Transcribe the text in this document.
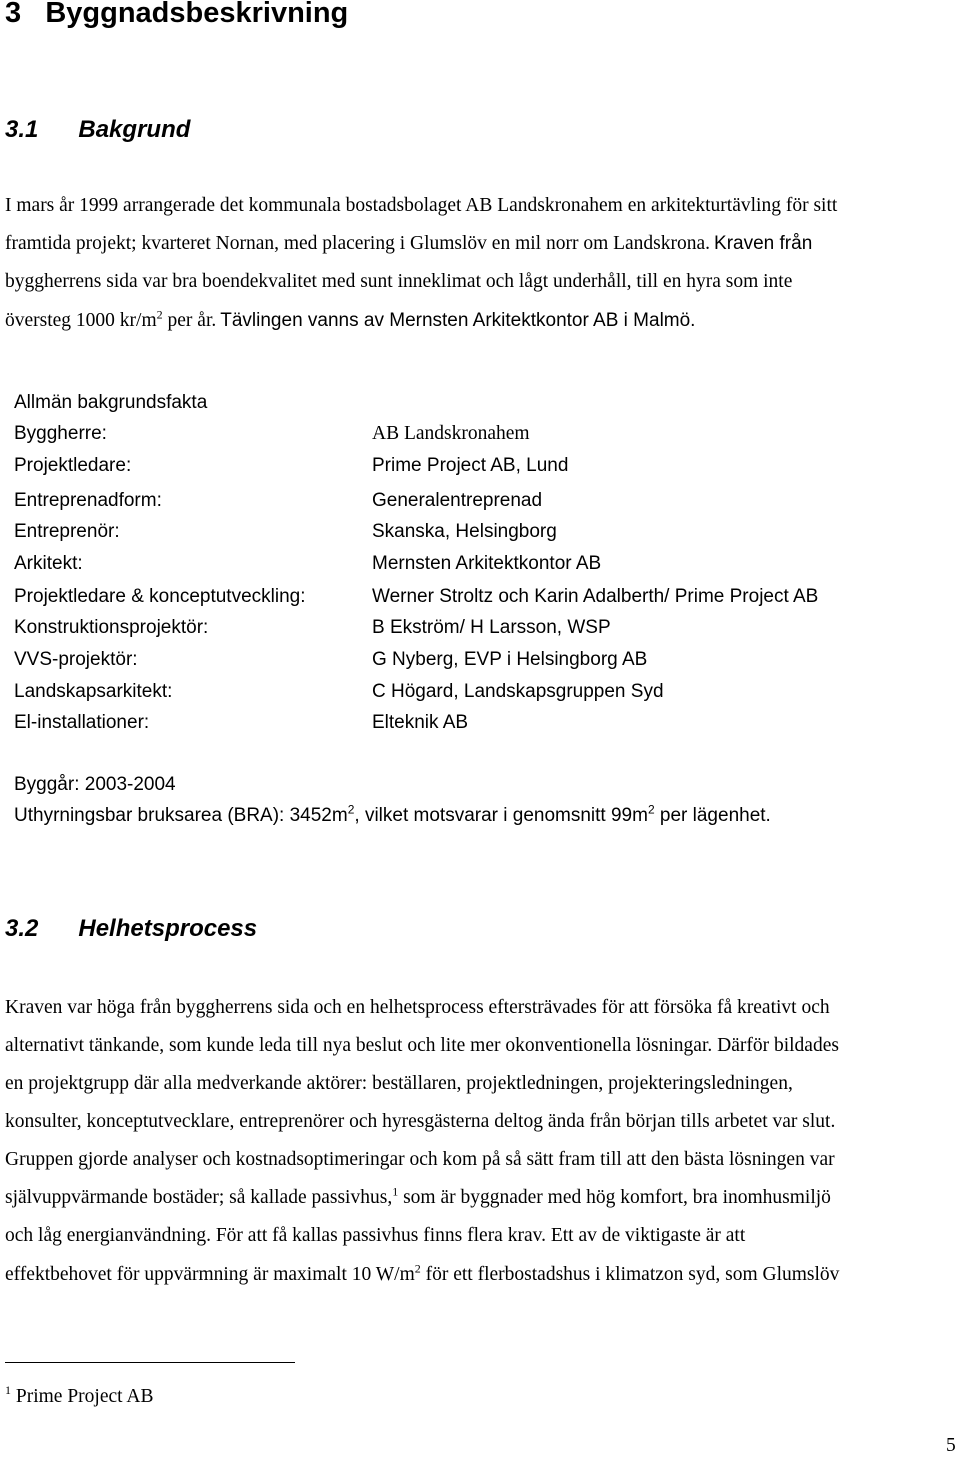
3 Byggnadsbeskrivning
3.1 Bakgrund
I mars år 1999 arrangerade det kommunala bostadsbolaget AB Landskronahem en arkitekturtävling för sitt
framtida projekt; kvarteret Nornan, med placering i Glumslöv en mil norr om Landskrona. Kraven från
byggherrens sida var bra boendekvalitet med sunt inneklimat och lågt underhåll, till en hyra som inte
översteg 1000 $kr/m^2$ per år. Tävlingen vanns av Mernsten Arkitektkontor AB i Malmö.
Allmän bakgrundsfakta
Byggherre:	AB Landskronahem
Projektledare:	Prime Project AB, Lund
Entreprenadform:	Generalentreprenad
Entreprenör:	Skanska, Helsingborg
Arkitekt:	Mernsten Arkitektkontor AB
Projektledare & konceptutveckling:	Werner Stroltz och Karin Adalberth/ Prime Project AB
Konstruktionsprojektör:	B Ekström/ H Larsson, WSP
VVS-projektör:	G Nyberg, EVP i Helsingborg AB
Landskapsarkitekt:	C Högard, Landskapsgruppen Syd
El-installationer:	Elteknik AB
Byggår: 2003-2004
Uthyrningsbar bruksarea (BRA): $3452m^2$, vilket motsvarar i genomsnitt $99m^2$ per lägenhet.
3.2 Helhetsprocess
Kraven var höga från byggherrens sida och en helhetsprocess eftersträvades för att försöka få kreativt och
alternativt tänkande, som kunde leda till nya beslut och lite mer okonventionella lösningar. Därför bildades
en projektgrupp där alla medverkande aktörer: beställaren, projektledningen, projekteringsledningen,
konsulter, konceptutvecklare, entreprenörer och hyresgästerna deltog ända från början tills arbetet var slut.
Gruppen gjorde analyser och kostnadsoptimeringar och kom på så sätt fram till att den bästa lösningen var
självuppvärmande bostäder; så kallade passivhus,$^1$ som är byggnader med hög komfort, bra inomhusmiljö
och låg energianvändning. För att få kallas passivhus finns flera krav. Ett av de viktigaste är att
effektbehovet för uppvärmning är maximalt 10 $W/m^2$ för ett flerbostadshus i klimatzon syd, som Glumslöv
$^1$ Prime Project AB
5
